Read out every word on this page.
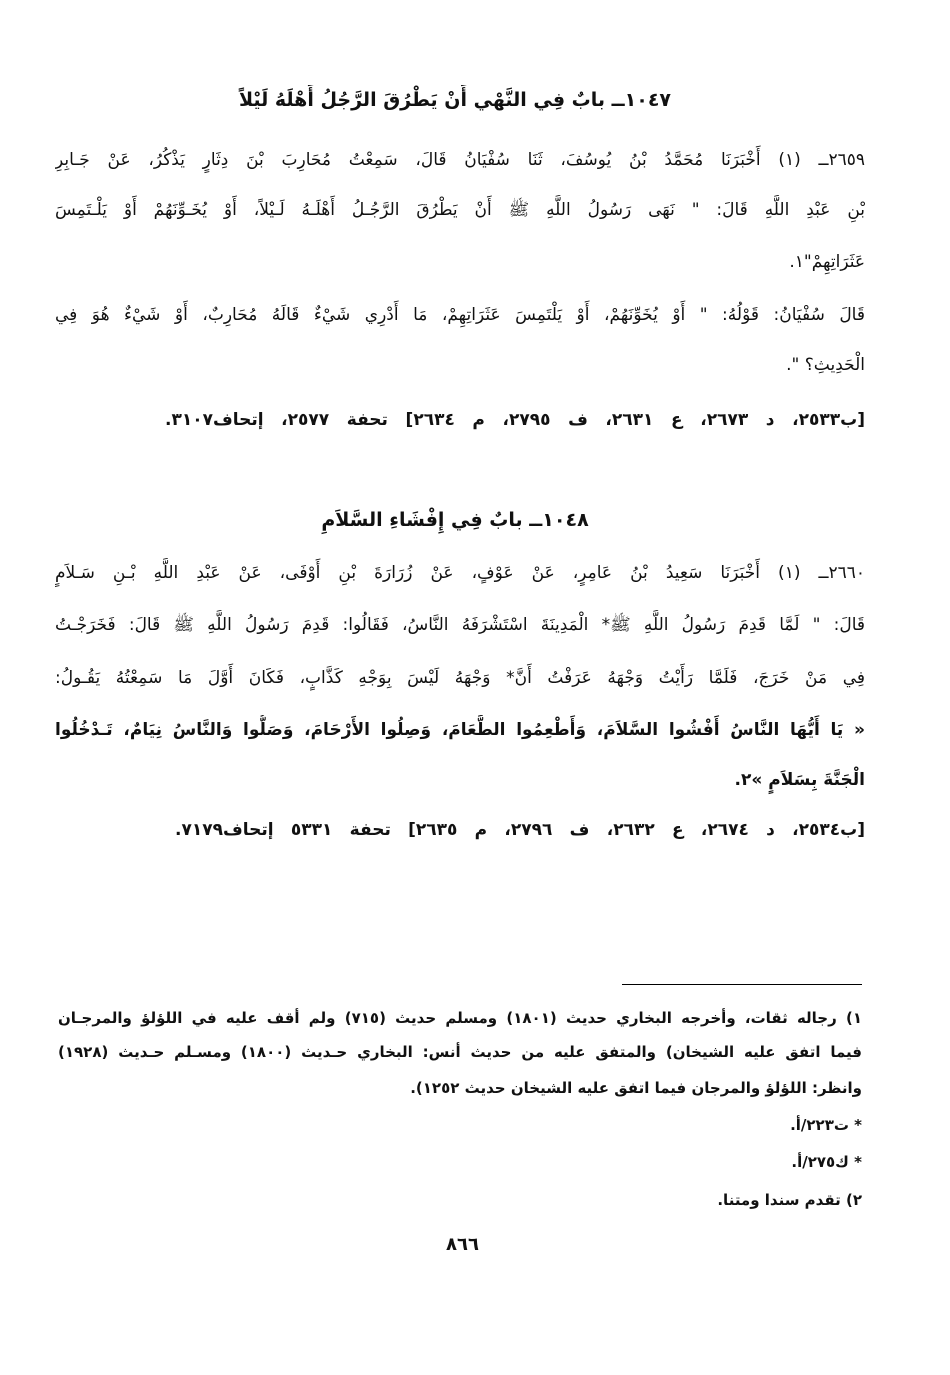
١٠٤٧ــ بابٌ فِي النَّهْي أَنْ يَطْرُقَ الرَّجُلُ أَهْلَهُ لَيْلاً
٢٦٥٩ــ (١) أَخْبَرَنَا مُحَمَّدُ بْنُ يُوسُفَ، ثَنَا سُفْيَانُ قَالَ، سَمِعْتُ مُحَارِبَ بْنَ دِثَارٍ يَذْكُرُ، عَنْ جَـابِرِ
بْنِ عَبْدِ اللَّهِ قَالَ: " نَهَى رَسُولُ اللَّهِ ﷺ أَنْ يَطْرُقَ الرَّجُـلُ أَهْلَـهُ لَـيْلاً، أَوْ يُخَـوِّنَهُمْ أَوْ يَلْـتَمِسَ
عَثَرَاتِهِمْ"١.
قَالَ سُفْيَانُ: قَوْلُهُ: " أَوْ يُخَوِّنَهُمْ، أَوْ يَلْتَمِسَ عَثَرَاتِهِمْ، مَا أَدْرِي شَيْءٌ قَالَهُ مُحَارِبٌ، أَوْ شَيْءٌ هُوَ فِي
الْحَدِيثِ؟ ".
[ب٢٥٣٣، د ٢٦٧٣، ع ٢٦٣١، ف ٢٧٩٥، م ٢٦٣٤] تحفة ٢٥٧٧، إتحاف٣١٠٧.
١٠٤٨ــ بابٌ فِي إِفْشَاءِ السَّلاَمِ
٢٦٦٠ــ (١) أَخْبَرَنَا سَعِيدُ بْنُ عَامِرٍ، عَنْ عَوْفٍ، عَنْ زُرَارَةَ بْنِ أَوْفَى، عَنْ عَبْدِ اللَّهِ بْـنِ سَـلاَمٍ
قَالَ: " لَمَّا قَدِمَ رَسُولُ اللَّهِ ﷺ* الْمَدِينَةَ اسْتَشْرَفَهُ النَّاسُ، فَقَالُوا: قَدِمَ رَسُولُ اللَّهِ ﷺ قَالَ: فَخَرَجْـتُ
فِي مَنْ خَرَجَ، فَلَمَّا رَأَيْتُ وَجْهَهُ عَرَفْتُ أَنَّ* وَجْهَهُ لَيْسَ بِوَجْهِ كَذَّابٍ، فَكَانَ أَوَّلَ مَا سَمِعْتُهُ يَقُـولُ:
« يَا أَيُّهَا النَّاسُ أَفْشُوا السَّلاَمَ، وَأَطْعِمُوا الطَّعَامَ، وَصِلُوا الأَرْحَامَ، وَصَلُّوا وَالنَّاسُ نِيَامٌ، تَـدْخُلُوا
الْجَنَّةَ بِسَلاَمٍ »٢.
[ب٢٥٣٤، د ٢٦٧٤، ع ٢٦٣٢، ف ٢٧٩٦، م ٢٦٣٥] تحفة ٥٣٣١ إتحاف٧١٧٩.
١) رجاله ثقات، وأخرجه البخاري حديث (١٨٠١) ومسلم حديث (٧١٥) ولم أقف عليه في اللؤلؤ والمرجـان
فيما اتفق عليه الشيخان) والمتفق عليه من حديث أنس: البخاري حـديث (١٨٠٠) ومسـلم حـديث (١٩٢٨)
وانظر: اللؤلؤ والمرجان فيما اتفق عليه الشيخان حديث ١٢٥٢).
* ت٢٢٣/أ.
* ك٢٧٥/أ.
٢) تقدم سندا ومتنا.
٨٦٦
